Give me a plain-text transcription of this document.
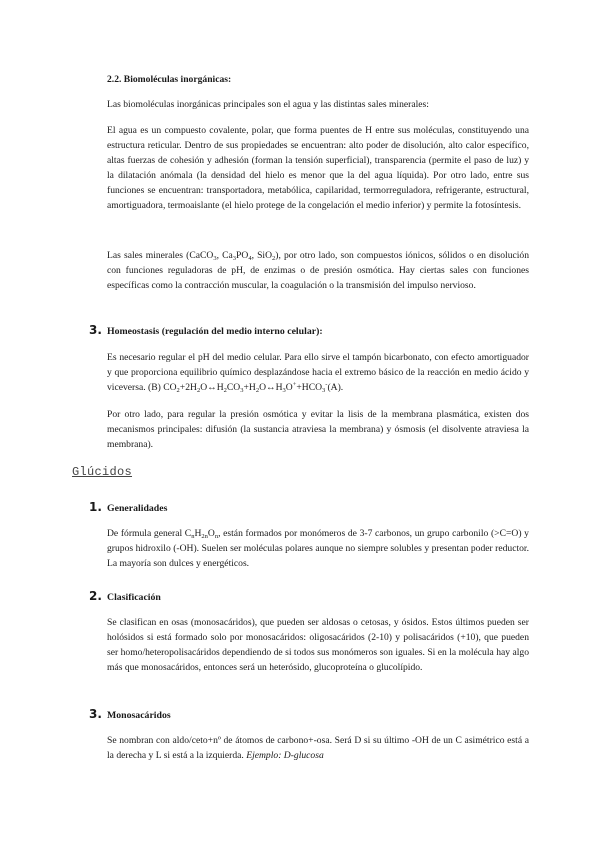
2.2. Biomoléculas inorgánicas:

Las biomoléculas inorgánicas principales son el agua y las distintas sales minerales:

El agua es un compuesto covalente, polar, que forma puentes de H entre sus moléculas, constituyendo una estructura reticular. Dentro de sus propiedades se encuentran: alto poder de disolución, alto calor específico, altas fuerzas de cohesión y adhesión (forman la tensión superficial), transparencia (permite el paso de luz) y la dilatación anómala (la densidad del hielo es menor que la del agua líquida). Por otro lado, entre sus funciones se encuentran: transportadora, metabólica, capilaridad, termorreguladora, refrigerante, estructural, amortiguadora, termoaislante (el hielo protege de la congelación el medio inferior) y permite la fotosíntesis.

Las sales minerales (CaCO$_3$, $Ca_3PO_4$, SiO$_2$), por otro lado, son compuestos iónicos, sólidos o en disolución con funciones reguladoras de pH, de enzimas o de presión osmótica. Hay ciertas sales con funciones específicas como la contracción muscular, la coagulación o la transmisión del impulso nervioso.

3. Homeostasis (regulación del medio interno celular):

Es necesario regular el pH del medio celular. Para ello sirve el tampón bicarbonato, con efecto amortiguador y que proporciona equilibrio químico desplazándose hacia el extremo básico de la reacción en medio ácido y viceversa. (B) $CO_2+2H_2O\leftrightarrow H_2CO_3+H_2O\leftrightarrow H_3O^++HCO_3^-(A)$.

Por otro lado, para regular la presión osmótica y evitar la lisis de la membrana plasmática, existen dos mecanismos principales: difusión (la sustancia atraviesa la membrana) y ósmosis (el disolvente atraviesa la membrana).

Glúcidos
1. Generalidades

De fórmula general $C_nH_{2n}O_n$, están formados por monómeros de 3-7 carbonos, un grupo carbonilo (>C=O) y grupos hidroxilo (-OH). Suelen ser moléculas polares aunque no siempre solubles y presentan poder reductor. La mayoría son dulces y energéticos.

2. Clasificación

Se clasifican en osas (monosacáridos), que pueden ser aldosas o cetosas, y ósidos. Estos últimos pueden ser holósidos si está formado solo por monosacáridos: oligosacáridos (2-10) y polisacáridos (+10), que pueden ser homo/heteropolisacáridos dependiendo de si todos sus monómeros son iguales. Si en la molécula hay algo más que monosacáridos, entonces será un heterósido, glucoproteína o glucolípido.

3. Monosacáridos

Se nombran con aldo/ceto+nº de átomos de carbono+-osa. Será D si su último -OH de un C asimétrico está a la derecha y L si está a la izquierda. Ejemplo: D-glucosa
